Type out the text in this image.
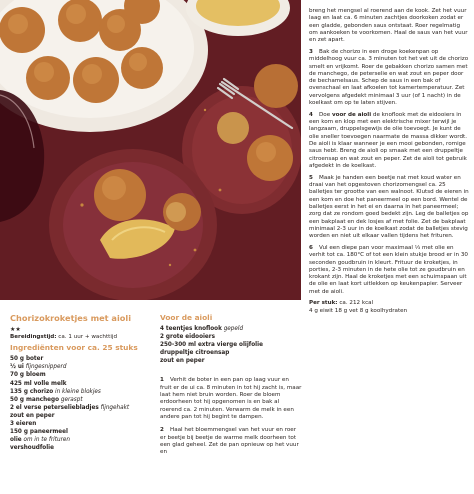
Chorizokroketjes met aioli
★★
Bereidingstijd: ca. 1 uur + wachttijd
Ingrediënten voor ca. 25 stuks
50 g boter
½ ui fijngesnipperd
70 g bloem
425 ml volle melk
135 g chorizo in kleine blokjes
50 g manchego geraspt
2 el verse peterseliebladjes fijngehakt
zout en peper
3 eieren
150 g paneermeel
olie om in te frituren
vershoudfolie
Voor de aioli
4 teentjes knoflook gepeld
2 grote eidooiers
250-300 ml extra vierge olijfolie
druppeltje citroensap
zout en peper
1 Verhit de boter in een pan op laag vuur en fruit er de ui ca. 8 minuten in tot hij zacht is, maar laat hem niet bruin worden. Roer de bloem erdoorheen tot hij opgenomen is en bak al roerend ca. 2 minuten. Verwarm de melk in een andere pan tot hij begint te dampen.
2 Haal het bloemmengsel van het vuur en roer er beetje bij beetje de warme melk doorheen tot een glad geheel. Zet de pan opnieuw op het vuur en
breng het mengsel al roerend aan de kook. Zet het vuur laag en laat ca. 6 minuten zachtjes doorkoken zodat er een gladde, gebonden saus ontstaat. Roer regelmatig om aankoeken te voorkomen. Haal de saus van het vuur en zet apart.
3 Bak de chorizo in een droge koekenpan op middelhoog vuur ca. 3 minuten tot het vet uit de chorizo smelt en vrijkomt. Roer de gebakken chorizo samen met de manchego, de peterselie en wat zout en peper door de bechamelsaus. Schep de saus in een bak of ovenschaal en laat afkoelen tot kamertemperatuur. Zet vervolgens afgedekt minimaal 3 uur (of 1 nacht) in de koelkast om op te laten stijven.
4 Doe voor de aioli de knoflook met de eidooiers in een kom en klop met een elektrische mixer terwijl je langzaam, druppelsgewijs de olie toevoegt. Je kunt de olie sneller toevoegen naarmate de massa dikker wordt. De aioli is klaar wanneer je een mooi gebonden, romige saus hebt. Breng de aioli op smaak met een druppeltje citroensap en wat zout en peper. Zet de aioli tot gebruik afgedekt in de koelkast.
5 Maak je handen een beetje nat met koud water en draai van het opgestoven chorizomengsel ca. 25 balletjes ter grootte van een walnoot. Klutsd de eieren in een kom en doe het paneermeel op een bord. Wentel de balletjes eerst in het ei en daarna in het paneermeel; zorg dat ze rondom goed bedekt zijn. Leg de balletjes op een bakplaat en dek losjes af met folie. Zet de bakplaat minimaal 2-3 uur in de koelkast zodat de balletjes stevig worden en niet uit elkaar vallen tijdens het frituren.
6 Vul een diepe pan voor maximaal ⅓ met olie en verhit tot ca. 180°C of tot een klein stukje brood er in 30 seconden goudbruin in kleurt. Frituur de kroketjes, in porties, 2-3 minuten in de hete olie tot ze goudbruin en krokant zijn. Haal de kroketjes met een schuimspaan uit de olie en laat kort uitlekken op keukenpapier. Serveer met de aioli.
Per stuk: ca. 212 kcal
4 g eiwit 18 g vet 8 g koolhydraten
